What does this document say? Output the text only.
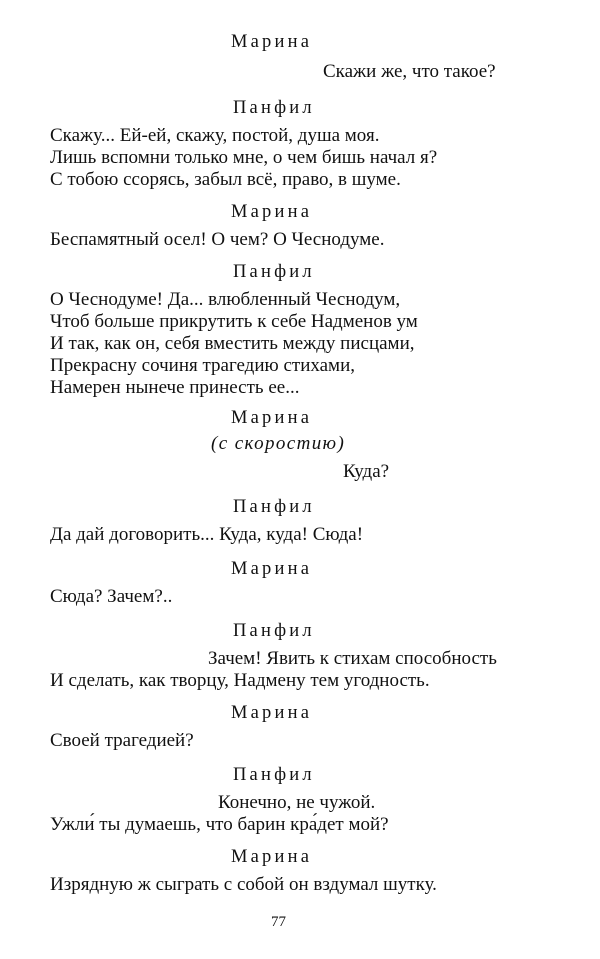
Марина

Скажи же, что такое?

Панфил

Скажу... Ей-ей, скажу, постой, душа моя.

Лишь вспомни только мне, о чем бишь начал я?

С тобою ссорясь, забыл всё, право, в шуме.

Марина

Беспамятный осел! О чем? О Чеснодуме.

Панфил

О Чеснодуме! Да... влюбленный Чеснодум,

Чтоб больше прикрутить к себе Надменов ум

И так, как он, себя вместить между писцами,

Прекрасну сочиня трагедию стихами,

Намерен нынече принесть ее...

Марина

(с скоростию)

Куда?

Панфил

Да дай договорить... Куда, куда! Сюда!

Марина

Сюда? Зачем?..

Панфил

Зачем! Явить к стихам способность

И сделать, как творцу, Надмену тем угодность.

Марина

Своей трагедией?

Панфил

Конечно, не чужой.

Ужли́ ты думаешь, что барин кра́дет мой?

Марина

Изрядную ж сыграть с собой он вздумал шутку.

77
